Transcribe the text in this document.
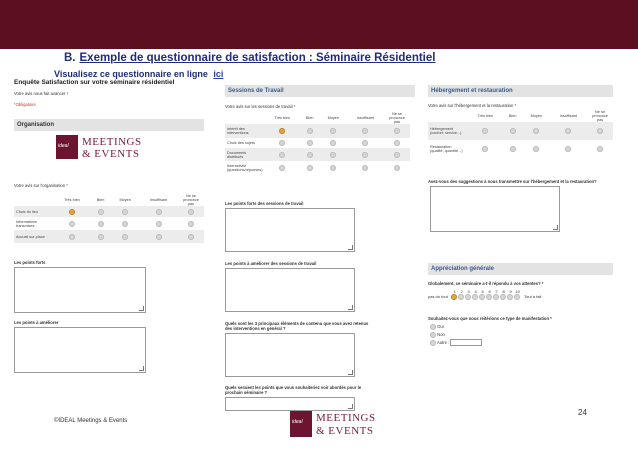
B. Exemple de questionnaire de satisfaction : Séminaire Résidentiel
Visualisez ce questionnaire en ligne ici
Enquête Satisfaction sur votre séminaire résidentiel
Votre avis nous fait avancer !
*Obligatoire
Organisation
ideal MEETINGS
& EVENTS
Votre avis sur l'organisation *
	Très bien	Bien	Moyen	Insuffisant	Ne se prononce pas
Choix du lieu					
Informations transmises					
Accueil sur place					
Les points forts
Les points à améliorer
Sessions de Travail
Votre avis sur les sessions de travail *
	Très bien	Bien	Moyen	Insuffisant	Ne se prononce pas
Intérêt des interventions					
Choix des sujets					
Documents distribués					
Interactivité (questions/réponses)					
Les points forts des sessions de travail
Les points à améliorer des sessions de travail
Quels sont les 3 principaux éléments de contenu que vous avez retenus des interventions en général ?
Quels seraient les points que vous souhaiteriez voir abordés pour le prochain séminaire ?
Hébergement et restauration
Votre avis sur l'hébergement et la restauration *
	Très bien	Bien	Moyen	Insuffisant	Ne se prononce pas
Hébergement (confort, service...)					
Restauration (qualité, quantité...)					
Avez-vous des suggestions à nous transmettre sur l'hébergement et la restauration?
Appréciation générale
Globalement, ce séminaire a-t-il répondu à vos attentes? *
1 2 3 4 5 6 7 8 9 10
pas du tout	Tout à fait
Souhaitez-vous que nous réitérions ce type de manifestation *
Oui
Non
Autre :
24
©IDEAL Meetings & Events	ideal MEETINGS
& EVENTS
